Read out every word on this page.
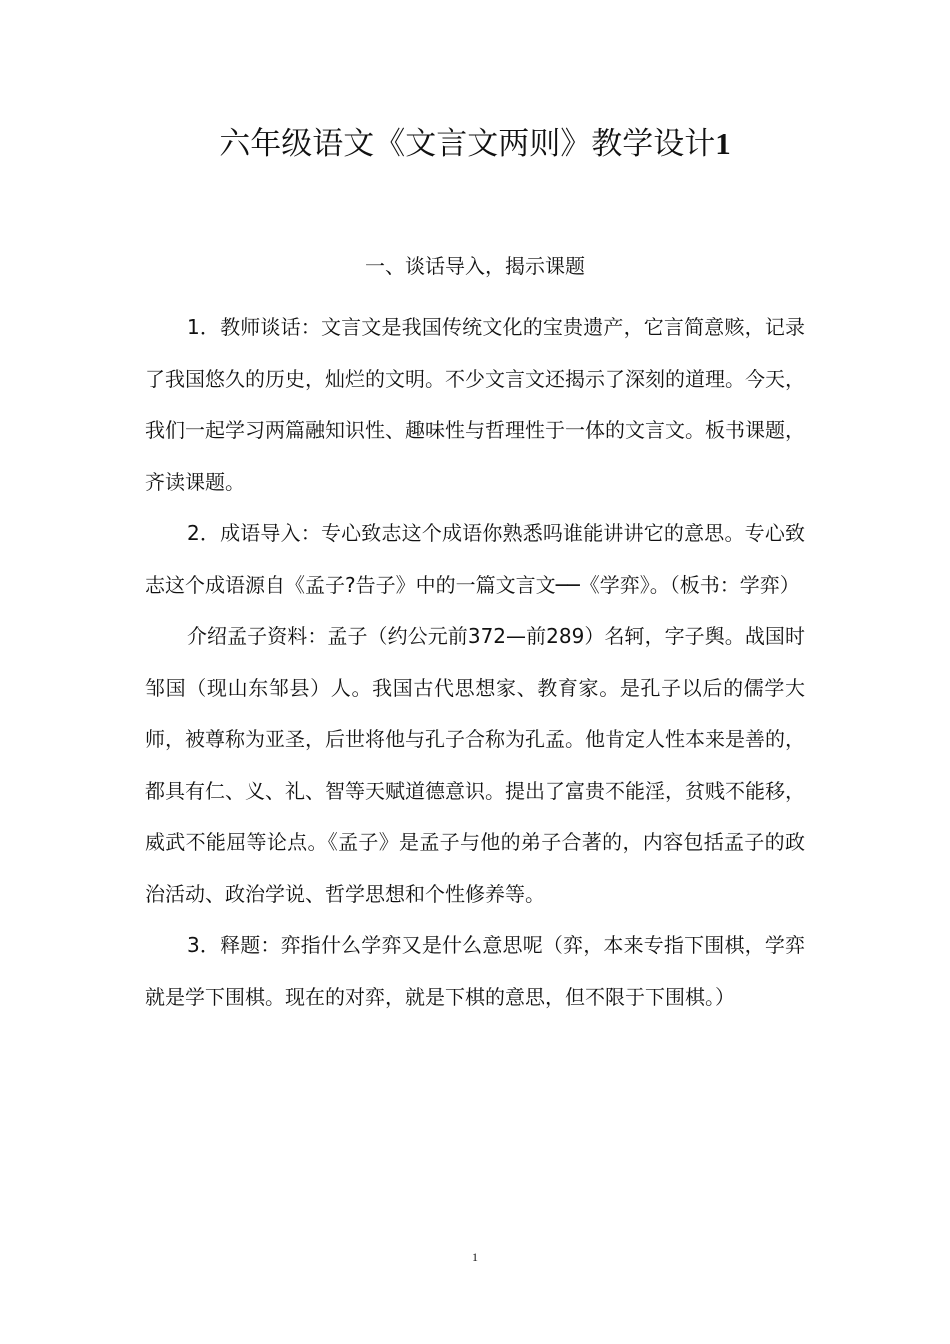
六年级语文《文言文两则》教学设计1
一、谈话导入，揭示课题

1．教师谈话：文言文是我国传统文化的宝贵遗产，它言简意赅，记录了我国悠久的历史，灿烂的文明。不少文言文还揭示了深刻的道理。今天，我们一起学习两篇融知识性、趣味性与哲理性于一体的文言文。板书课题，齐读课题。

2．成语导入：专心致志这个成语你熟悉吗谁能讲讲它的意思。专心致志这个成语源自《孟子?告子》中的一篇文言文──《学弈》。（板书：学弈）

介绍孟子资料：孟子（约公元前372—前289）名轲，字子舆。战国时邹国（现山东邹县）人。我国古代思想家、教育家。是孔子以后的儒学大师，被尊称为亚圣，后世将他与孔子合称为孔孟。他肯定人性本来是善的，都具有仁、义、礼、智等天赋道德意识。提出了富贵不能淫，贫贱不能移，威武不能屈等论点。《孟子》是孟子与他的弟子合著的，内容包括孟子的政治活动、政治学说、哲学思想和个性修养等。

3．释题：弈指什么学弈又是什么意思呢（弈，本来专指下围棋，学弈就是学下围棋。现在的对弈，就是下棋的意思，但不限于下围棋。）

1
